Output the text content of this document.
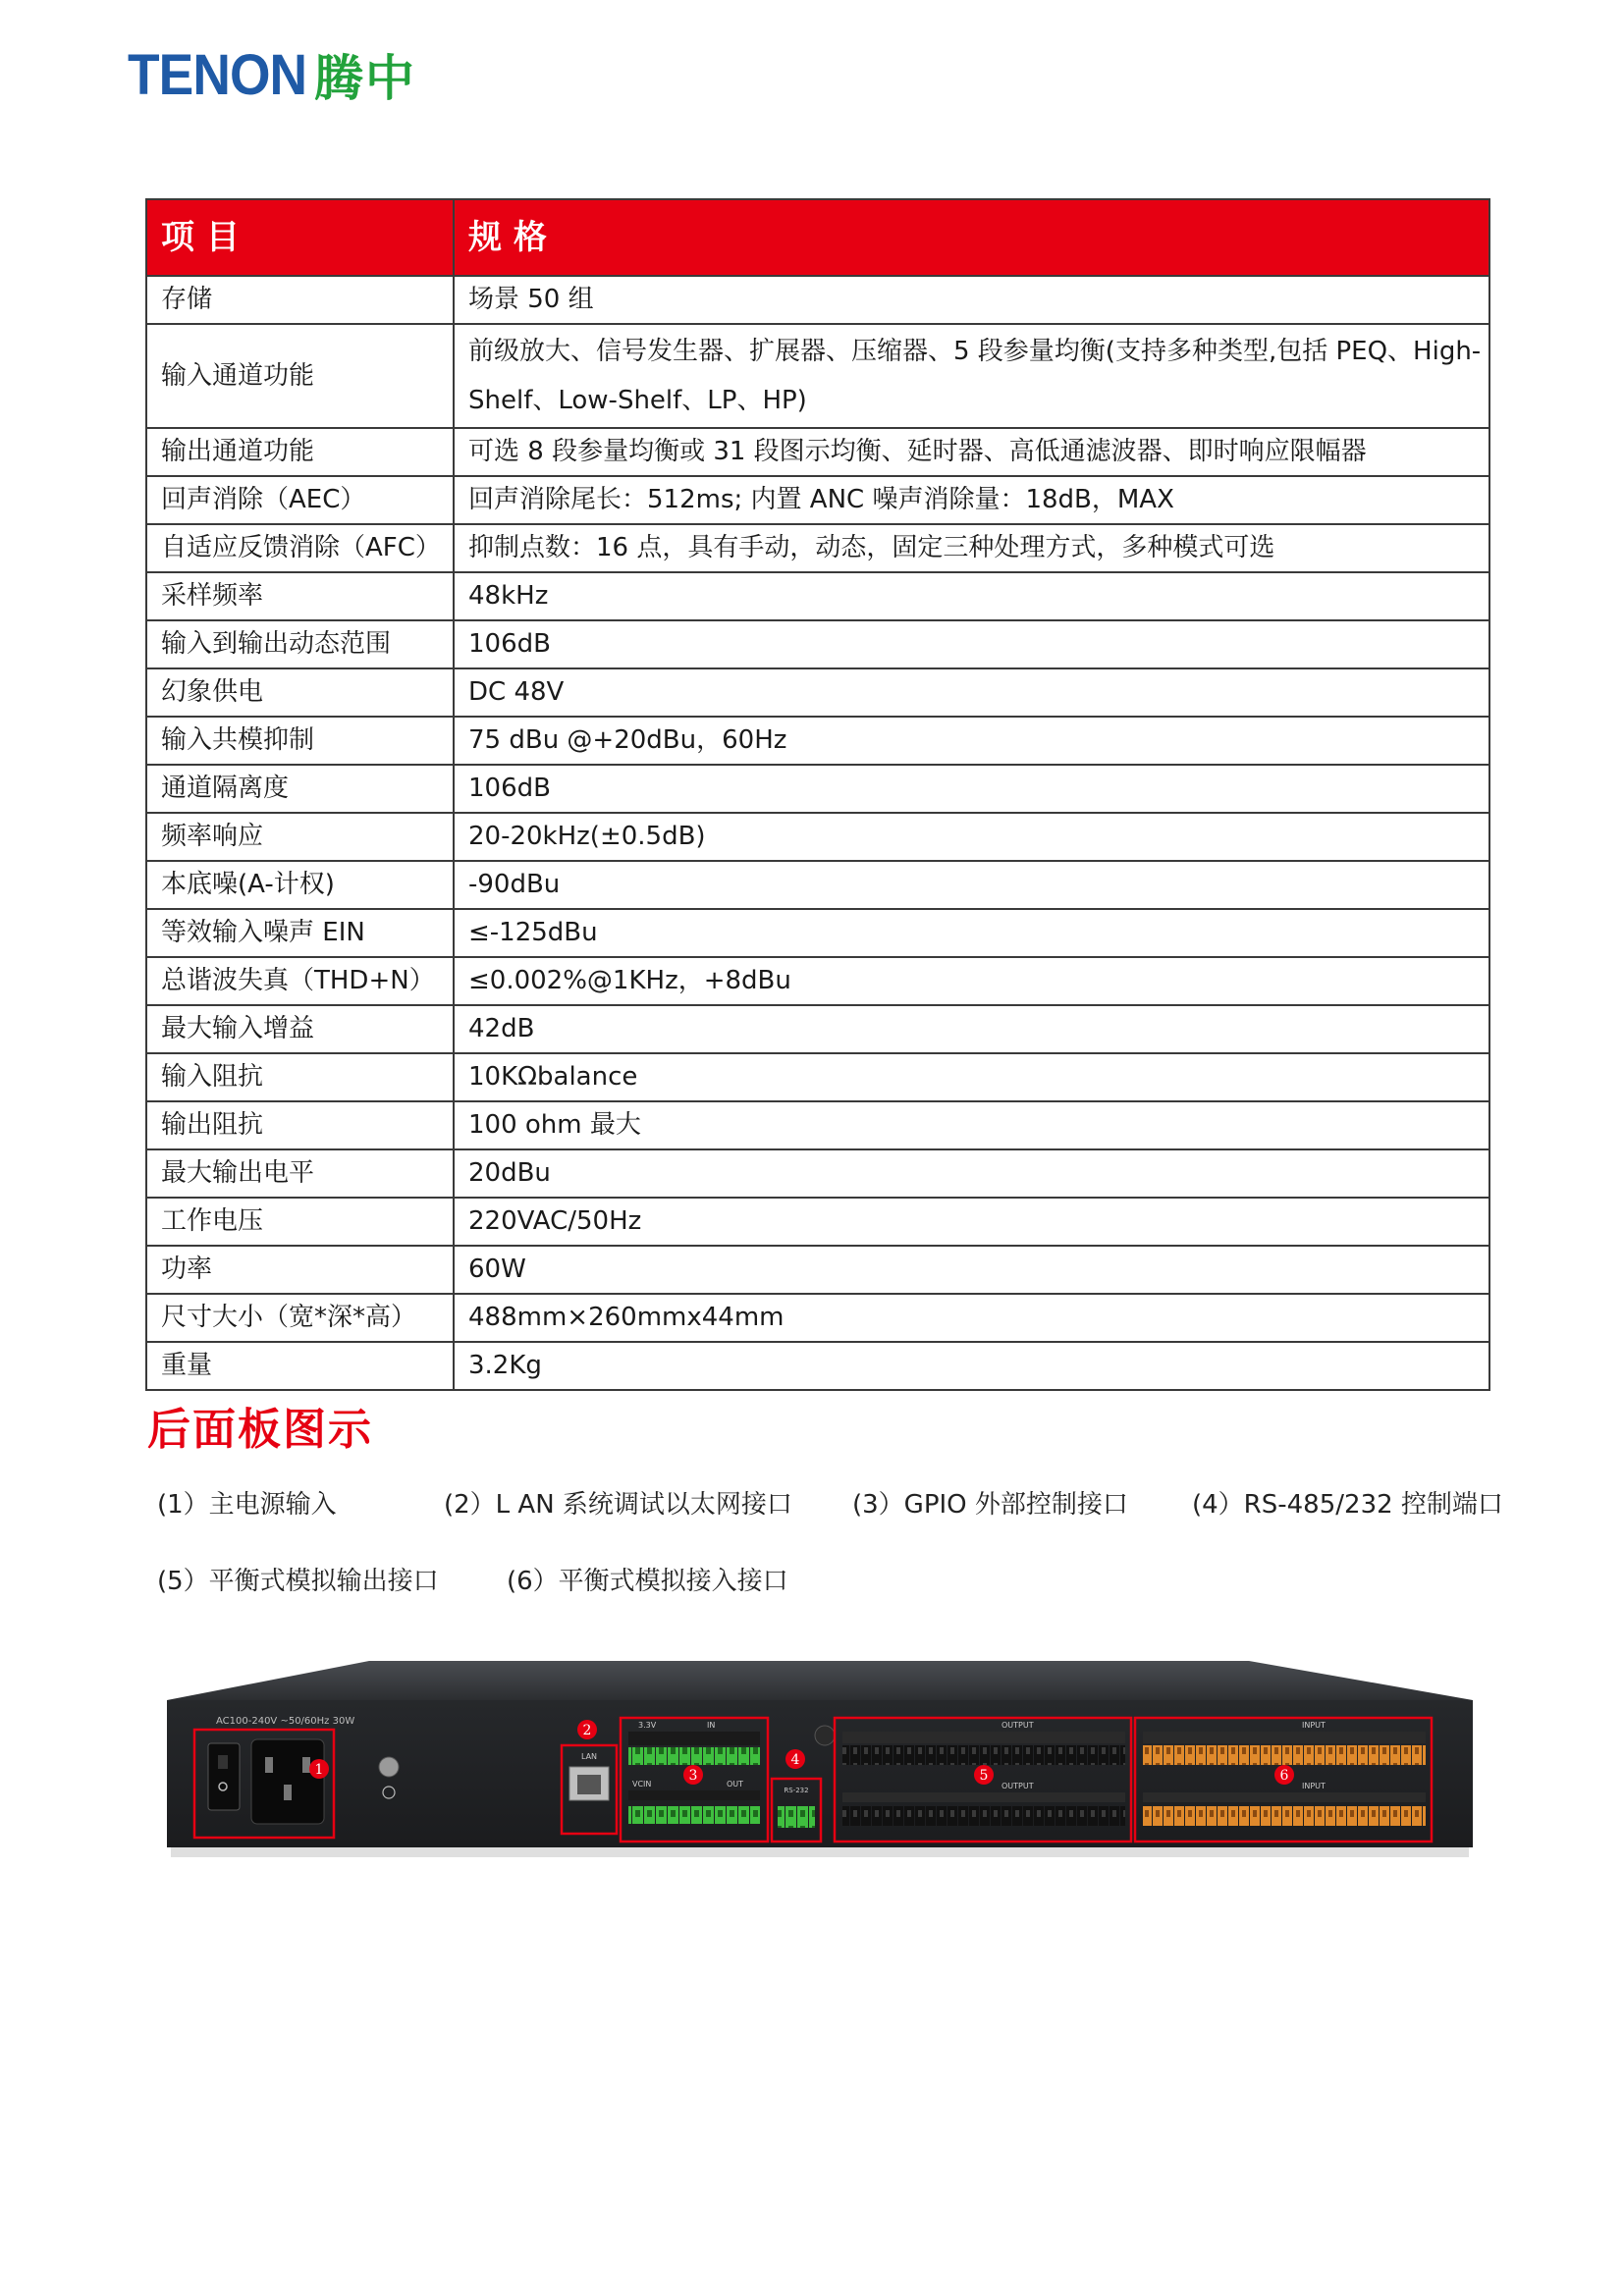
TENON 腾中
项 目	规 格
存储	场景 50 组
输入通道功能	前级放大、信号发生器、扩展器、压缩器、5 段参量均衡(支持多种类型,包括 PEQ、High-Shelf、Low-Shelf、LP、HP)
输出通道功能	可选 8 段参量均衡或 31 段图示均衡、延时器、高低通滤波器、即时响应限幅器
回声消除（AEC）	回声消除尾长：512ms; 内置 ANC 噪声消除量：18dB，MAX
自适应反馈消除（AFC）	抑制点数：16 点，具有手动，动态，固定三种处理方式，多种模式可选
采样频率	48kHz
输入到输出动态范围	106dB
幻象供电	DC 48V
输入共模抑制	75 dBu @+20dBu，60Hz
通道隔离度	106dB
频率响应	20-20kHz(±0.5dB)
本底噪(A-计权)	-90dBu
等效输入噪声 EIN	≤-125dBu
总谐波失真（THD+N）	≤0.002%@1KHz，+8dBu
最大输入增益	42dB
输入阻抗	10KΩbalance
输出阻抗	100 ohm 最大
最大输出电平	20dBu
工作电压	220VAC/50Hz
功率	60W
尺寸大小（宽*深*高）	488mm×260mmx44mm
重量	3.2Kg
后面板图示
(1）主电源输入	(2）L AN 系统调试以太网接口 (3）GPIO 外部控制接口	(4）RS-485/232 控制端口
(5）平衡式模拟输出接口	(6）平衡式模拟接入接口
AC100-240V ~50/60Hz 30W
1
2
LAN
3.3V	IN
VCIN	OUT
3
4
RS-232
OUTPUT
OUTPUT
5
INPUT
INPUT
6
